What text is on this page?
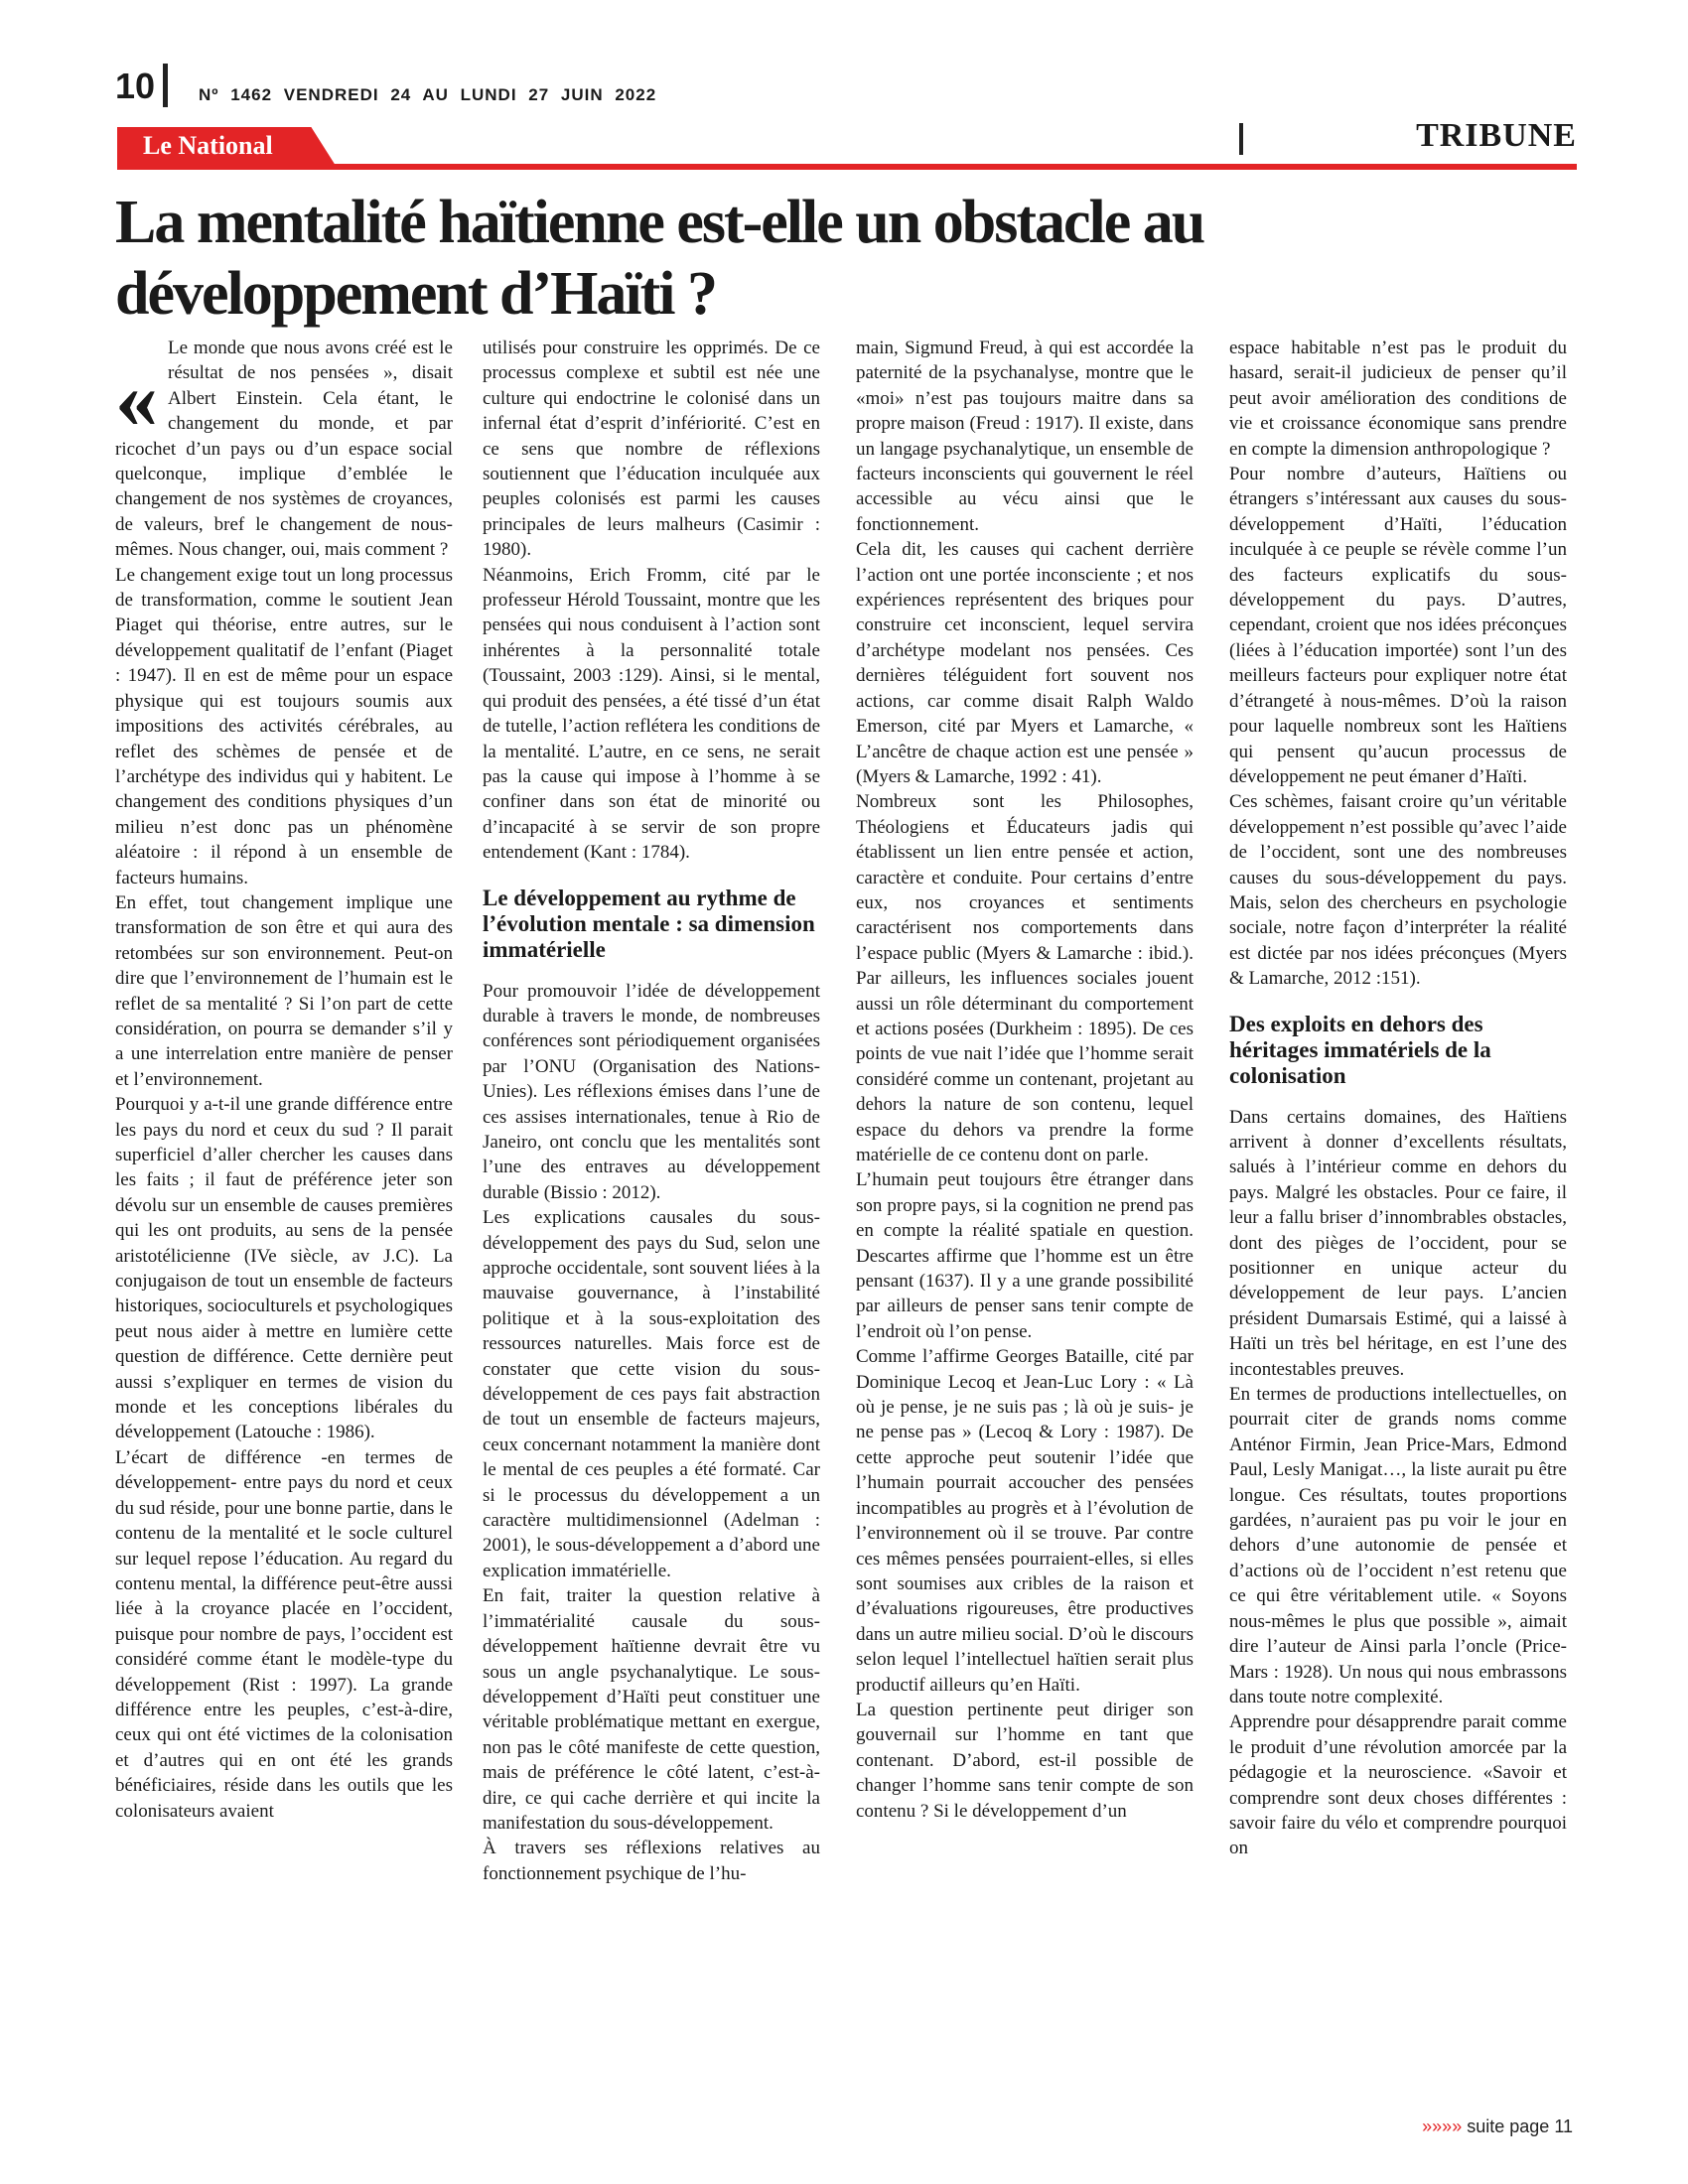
10	Nº 1462 VENDREDI 24 AU LUNDI 27 JUIN 2022
Le National	TRIBUNE
La mentalité haïtienne est-elle un obstacle au développement d’Haïti ?
«

Le monde que nous avons créé est le résultat de nos pensées », disait Albert Einstein. Cela étant, le changement du monde, et par ricochet d’un pays ou d’un espace social quelconque, implique d’emblée le changement de nos systèmes de croyances, de valeurs, bref le changement de nous-mêmes. Nous changer, oui, mais comment ?

Le changement exige tout un long processus de transformation, comme le soutient Jean Piaget qui théorise, entre autres, sur le développement qualitatif de l’enfant (Piaget : 1947). Il en est de même pour un espace physique qui est toujours soumis aux impositions des activités cérébrales, au reflet des schèmes de pensée et de l’archétype des individus qui y habitent. Le changement des conditions physiques d’un milieu n’est donc pas un phénomène aléatoire : il répond à un ensemble de facteurs humains.

En effet, tout changement implique une transformation de son être et qui aura des retombées sur son environnement. Peut-on dire que l’environnement de l’humain est le reflet de sa mentalité ? Si l’on part de cette considération, on pourra se demander s’il y a une interrelation entre manière de penser et l’environnement.

Pourquoi y a-t-il une grande différence entre les pays du nord et ceux du sud ? Il parait superficiel d’aller chercher les causes dans les faits ; il faut de préférence jeter son dévolu sur un ensemble de causes premières qui les ont produits, au sens de la pensée aristotélicienne (IVe siècle, av J.C). La conjugaison de tout un ensemble de facteurs historiques, socioculturels et psychologiques peut nous aider à mettre en lumière cette question de différence. Cette dernière peut aussi s’expliquer en termes de vision du monde et les conceptions libérales du développement (Latouche : 1986).

L’écart de différence -en termes de développement- entre pays du nord et ceux du sud réside, pour une bonne partie, dans le contenu de la mentalité et le socle culturel sur lequel repose l’éducation. Au regard du contenu mental, la différence peut-être aussi liée à la croyance placée en l’occident, puisque pour nombre de pays, l’occident est considéré comme étant le modèle-type du développement (Rist : 1997). La grande différence entre les peuples, c’est-à-dire, ceux qui ont été victimes de la colonisation et d’autres qui en ont été les grands bénéficiaires, réside dans les outils que les colonisateurs avaient

utilisés pour construire les opprimés. De ce processus complexe et subtil est née une culture qui endoctrine le colonisé dans un infernal état d’esprit d’infériorité. C’est en ce sens que nombre de réflexions soutiennent que l’éducation inculquée aux peuples colonisés est parmi les causes principales de leurs malheurs (Casimir : 1980).

Néanmoins, Erich Fromm, cité par le professeur Hérold Toussaint, montre que les pensées qui nous conduisent à l’action sont inhérentes à la personnalité totale (Toussaint, 2003 :129). Ainsi, si le mental, qui produit des pensées, a été tissé d’un état de tutelle, l’action reflétera les conditions de la mentalité. L’autre, en ce sens, ne serait pas la cause qui impose à l’homme à se confiner dans son état de minorité ou d’incapacité à se servir de son propre entendement (Kant : 1784).

Le développement au rythme de l’évolution mentale : sa dimension immatérielle

Pour promouvoir l’idée de développement durable à travers le monde, de nombreuses conférences sont périodiquement organisées par l’ONU (Organisation des Nations-Unies). Les réflexions émises dans l’une de ces assises internationales, tenue à Rio de Janeiro, ont conclu que les mentalités sont l’une des entraves au développement durable (Bissio : 2012).

Les explications causales du sous-développement des pays du Sud, selon une approche occidentale, sont souvent liées à la mauvaise gouvernance, à l’instabilité politique et à la sous-exploitation des ressources naturelles. Mais force est de constater que cette vision du sous-développement de ces pays fait abstraction de tout un ensemble de facteurs majeurs, ceux concernant notamment la manière dont le mental de ces peuples a été formaté. Car si le processus du développement a un caractère multidimensionnel (Adelman : 2001), le sous-développement a d’abord une explication immatérielle.

En fait, traiter la question relative à l’immatérialité causale du sous-développement haïtienne devrait être vu sous un angle psychanalytique. Le sous-développement d’Haïti peut constituer une véritable problématique mettant en exergue, non pas le côté manifeste de cette question, mais de préférence le côté latent, c’est-à-dire, ce qui cache derrière et qui incite la manifestation du sous-développement.

À travers ses réflexions relatives au fonctionnement psychique de l’hu-

main, Sigmund Freud, à qui est accordée la paternité de la psychanalyse, montre que le «moi» n’est pas toujours maitre dans sa propre maison (Freud : 1917). Il existe, dans un langage psychanalytique, un ensemble de facteurs inconscients qui gouvernent le réel accessible au vécu ainsi que le fonctionnement.

Cela dit, les causes qui cachent derrière l’action ont une portée inconsciente ; et nos expériences représentent des briques pour construire cet inconscient, lequel servira d’archétype modelant nos pensées. Ces dernières téléguident fort souvent nos actions, car comme disait Ralph Waldo Emerson, cité par Myers et Lamarche, « L’ancêtre de chaque action est une pensée » (Myers & Lamarche, 1992 : 41).

Nombreux sont les Philosophes, Théologiens et Éducateurs jadis qui établissent un lien entre pensée et action, caractère et conduite. Pour certains d’entre eux, nos croyances et sentiments caractérisent nos comportements dans l’espace public (Myers & Lamarche : ibid.). Par ailleurs, les influences sociales jouent aussi un rôle déterminant du comportement et actions posées (Durkheim : 1895). De ces points de vue nait l’idée que l’homme serait considéré comme un contenant, projetant au dehors la nature de son contenu, lequel espace du dehors va prendre la forme matérielle de ce contenu dont on parle.

L’humain peut toujours être étranger dans son propre pays, si la cognition ne prend pas en compte la réalité spatiale en question. Descartes affirme que l’homme est un être pensant (1637). Il y a une grande possibilité par ailleurs de penser sans tenir compte de l’endroit où l’on pense.

Comme l’affirme Georges Bataille, cité par Dominique Lecoq et Jean-Luc Lory : « Là où je pense, je ne suis pas ; là où je suis- je ne pense pas » (Lecoq & Lory : 1987). De cette approche peut soutenir l’idée que l’humain pourrait accoucher des pensées incompatibles au progrès et à l’évolution de l’environnement où il se trouve. Par contre ces mêmes pensées pourraient-elles, si elles sont soumises aux cribles de la raison et d’évaluations rigoureuses, être productives dans un autre milieu social. D’où le discours selon lequel l’intellectuel haïtien serait plus productif ailleurs qu’en Haïti.

La question pertinente peut diriger son gouvernail sur l’homme en tant que contenant. D’abord, est-il possible de changer l’homme sans tenir compte de son contenu ? Si le développement d’un

espace habitable n’est pas le produit du hasard, serait-il judicieux de penser qu’il peut avoir amélioration des conditions de vie et croissance économique sans prendre en compte la dimension anthropologique ?

Pour nombre d’auteurs, Haïtiens ou étrangers s’intéressant aux causes du sous-développement d’Haïti, l’éducation inculquée à ce peuple se révèle comme l’un des facteurs explicatifs du sous-développement du pays. D’autres, cependant, croient que nos idées préconçues (liées à l’éducation importée) sont l’un des meilleurs facteurs pour expliquer notre état d’étrangeté à nous-mêmes. D’où la raison pour laquelle nombreux sont les Haïtiens qui pensent qu’aucun processus de développement ne peut émaner d’Haïti.

Ces schèmes, faisant croire qu’un véritable développement n’est possible qu’avec l’aide de l’occident, sont une des nombreuses causes du sous-développement du pays. Mais, selon des chercheurs en psychologie sociale, notre façon d’interpréter la réalité est dictée par nos idées préconçues (Myers & Lamarche, 2012 :151).

Des exploits en dehors des héritages immatériels de la colonisation

Dans certains domaines, des Haïtiens arrivent à donner d’excellents résultats, salués à l’intérieur comme en dehors du pays. Malgré les obstacles. Pour ce faire, il leur a fallu briser d’innombrables obstacles, dont des pièges de l’occident, pour se positionner en unique acteur du développement de leur pays. L’ancien président Dumarsais Estimé, qui a laissé à Haïti un très bel héritage, en est l’une des incontestables preuves.

En termes de productions intellectuelles, on pourrait citer de grands noms comme Anténor Firmin, Jean Price-Mars, Edmond Paul, Lesly Manigat…, la liste aurait pu être longue. Ces résultats, toutes proportions gardées, n’auraient pas pu voir le jour en dehors d’une autonomie de pensée et d’actions où de l’occident n’est retenu que ce qui être véritablement utile. « Soyons nous-mêmes le plus que possible », aimait dire l’auteur de Ainsi parla l’oncle (Price-Mars : 1928). Un nous qui nous embrassons dans toute notre complexité.

Apprendre pour désapprendre parait comme le produit d’une révolution amorcée par la pédagogie et la neuroscience. «Savoir et comprendre sont deux choses différentes : savoir faire du vélo et comprendre pourquoi on

»»»» suite page 11
